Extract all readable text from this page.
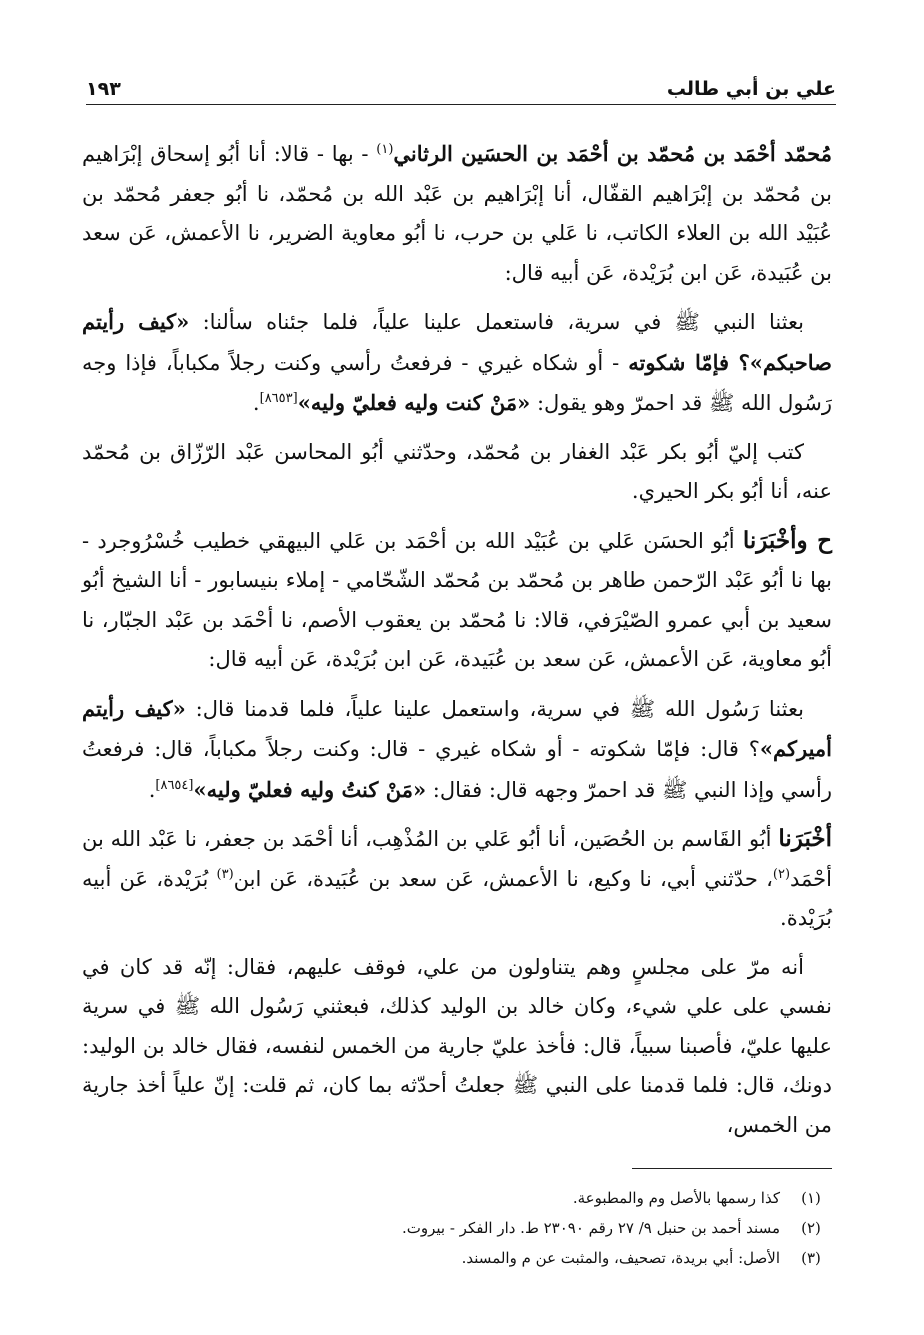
علي بن أبي طالب
١٩٣

مُحمّد أحْمَد بن مُحمّد بن أحْمَد بن الحسَين الرثاني$^{(١)}$ - بها - قالا: أنا أبُو إسحاق إبْرَاهيم بن مُحمّد بن إبْرَاهيم القفّال، أنا إبْرَاهيم بن عَبْد الله بن مُحمّد، نا أبُو جعفر مُحمّد بن عُبَيْد الله بن العلاء الكاتب، نا عَلي بن حرب، نا أبُو معاوية الضرير، نا الأعمش، عَن سعد بن عُبَيدة، عَن ابن بُرَيْدة، عَن أبيه قال:

بعثنا النبي ﷺ في سرية، فاستعمل علينا علياً، فلما جئناه سألنا: «كيف رأيتم صاحبكم»؟ فإمّا شكوته - أو شكاه غيري - فرفعتُ رأسي وكنت رجلاً مكباباً، فإذا وجه رَسُول الله ﷺ قد احمرّ وهو يقول: «مَنْ كنت وليه فعليّ وليه»[٨٦٥٣].

كتب إليّ أبُو بكر عَبْد الغفار بن مُحمّد، وحدّثني أبُو المحاسن عَبْد الرّزّاق بن مُحمّد عنه، أنا أبُو بكر الحيري.

ح وأخْبَرَنا أبُو الحسَن عَلي بن عُبَيْد الله بن أحْمَد بن عَلي البيهقي خطيب خُسْرُوجرد - بها نا أبُو عَبْد الرّحمن طاهر بن مُحمّد بن مُحمّد الشّحّامي - إملاء بنيسابور - أنا الشيخ أبُو سعيد بن أبي عمرو الصّيْرَفي، قالا: نا مُحمّد بن يعقوب الأصم، نا أحْمَد بن عَبْد الجبّار، نا أبُو معاوية، عَن الأعمش، عَن سعد بن عُبَيدة، عَن ابن بُرَيْدة، عَن أبيه قال:

بعثنا رَسُول الله ﷺ في سرية، واستعمل علينا علياً، فلما قدمنا قال: «كيف رأيتم أميركم»؟ قال: فإمّا شكوته - أو شكاه غيري - قال: وكنت رجلاً مكباباً، قال: فرفعتُ رأسي وإذا النبي ﷺ قد احمرّ وجهه قال: فقال: «مَنْ كنتُ وليه فعليّ وليه»[٨٦٥٤].

أخْبَرَنا أبُو القَاسم بن الحُصَين، أنا أبُو عَلي بن المُذْهِب، أنا أحْمَد بن جعفر، نا عَبْد الله بن أحْمَد$^{(٢)}$، حدّثني أبي، نا وكيع، نا الأعمش، عَن سعد بن عُبَيدة، عَن ابن$^{(٣)}$ بُرَيْدة، عَن أبيه بُرَيْدة.

أنه مرّ على مجلسٍ وهم يتناولون من علي، فوقف عليهم، فقال: إنّه قد كان في نفسي على علي شيء، وكان خالد بن الوليد كذلك، فبعثني رَسُول الله ﷺ في سرية عليها عليّ، فأصبنا سبياً، قال: فأخذ عليّ جارية من الخمس لنفسه، فقال خالد بن الوليد: دونك، قال: فلما قدمنا على النبي ﷺ جعلتُ أحدّثه بما كان، ثم قلت: إنّ علياً أخذ جارية من الخمس،

(١)
كذا رسمها بالأصل وم والمطبوعة.
(٢)
مسند أحمد بن حنبل ٩/ ٢٧ رقم ٢٣٠٩٠ ط. دار الفكر - بيروت.
(٣)
الأصل: أبي بريدة، تصحيف، والمثبت عن م والمسند.
